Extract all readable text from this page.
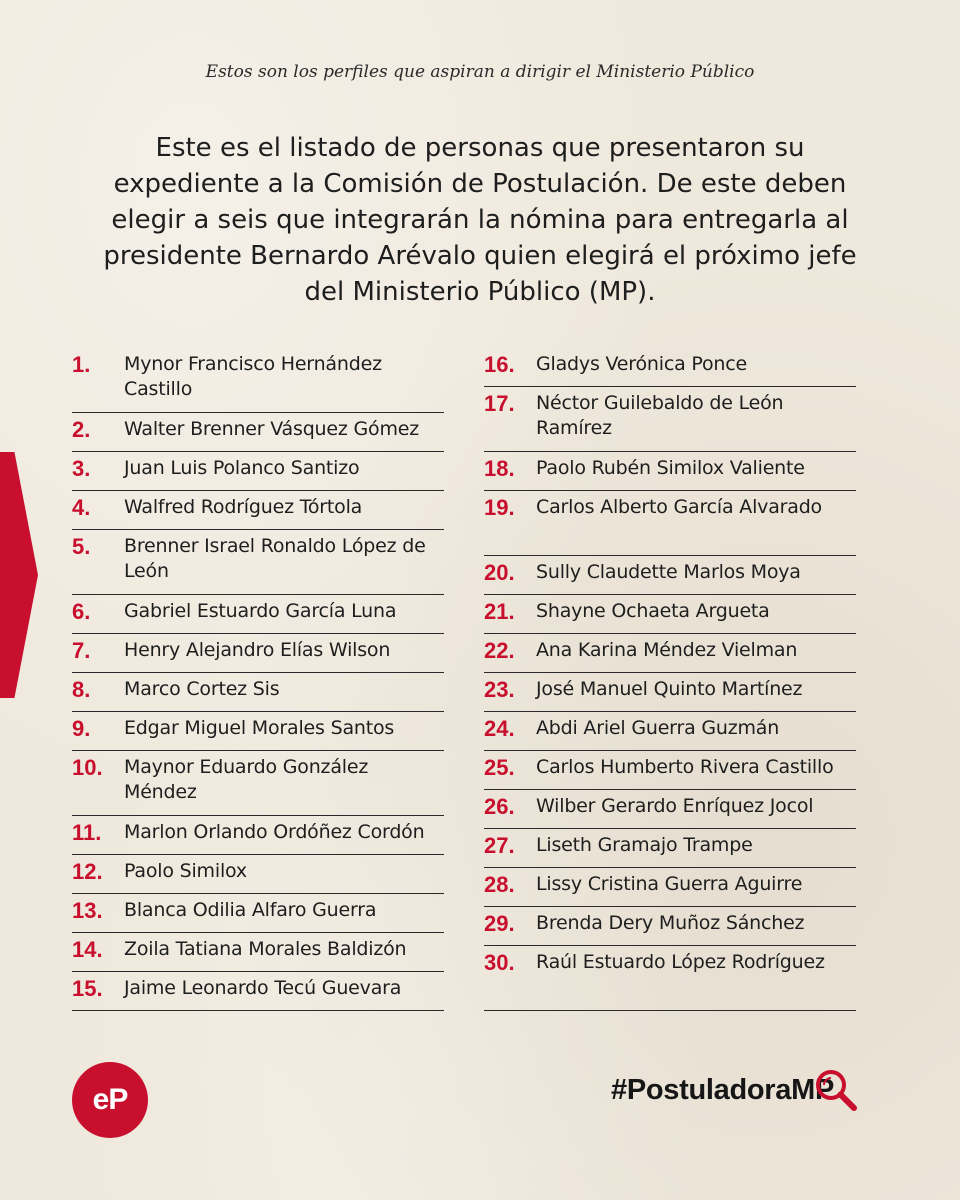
Estos son los perfiles que aspiran a dirigir el Ministerio Público
Este es el listado de personas que presentaron su expediente a la Comisión de Postulación. De este deben elegir a seis que integrarán la nómina para entregarla al presidente Bernardo Arévalo quien elegirá el próximo jefe del Ministerio Público (MP).
1.	Mynor Francisco Hernández Castillo
2.	Walter Brenner Vásquez Gómez
3.	Juan Luis Polanco Santizo
4.	Walfred Rodríguez Tórtola
5.	Brenner Israel Ronaldo López de León
6.	Gabriel Estuardo García Luna
7.	Henry Alejandro Elías Wilson
8.	Marco Cortez Sis
9.	Edgar Miguel Morales Santos
10.	Maynor Eduardo González Méndez
11.	Marlon Orlando Ordóñez Cordón
12.	Paolo Similox
13.	Blanca Odilia Alfaro Guerra
14.	Zoila Tatiana Morales Baldizón
15.	Jaime Leonardo Tecú Guevara
16.	Gladys Verónica Ponce
17.	Néctor Guilebaldo de León Ramírez
18.	Paolo Rubén Similox Valiente
19.	Carlos Alberto García Alvarado
20.	Sully Claudette Marlos Moya
21.	Shayne Ochaeta Argueta
22.	Ana Karina Méndez Vielman
23.	José Manuel Quinto Martínez
24.	Abdi Ariel Guerra Guzmán
25.	Carlos Humberto Rivera Castillo
26.	Wilber Gerardo Enríquez Jocol
27.	Liseth Gramajo Trampe
28.	Lissy Cristina Guerra Aguirre
29.	Brenda Dery Muñoz Sánchez
30.	Raúl Estuardo López Rodríguez
eP	#PostuladoraMP
